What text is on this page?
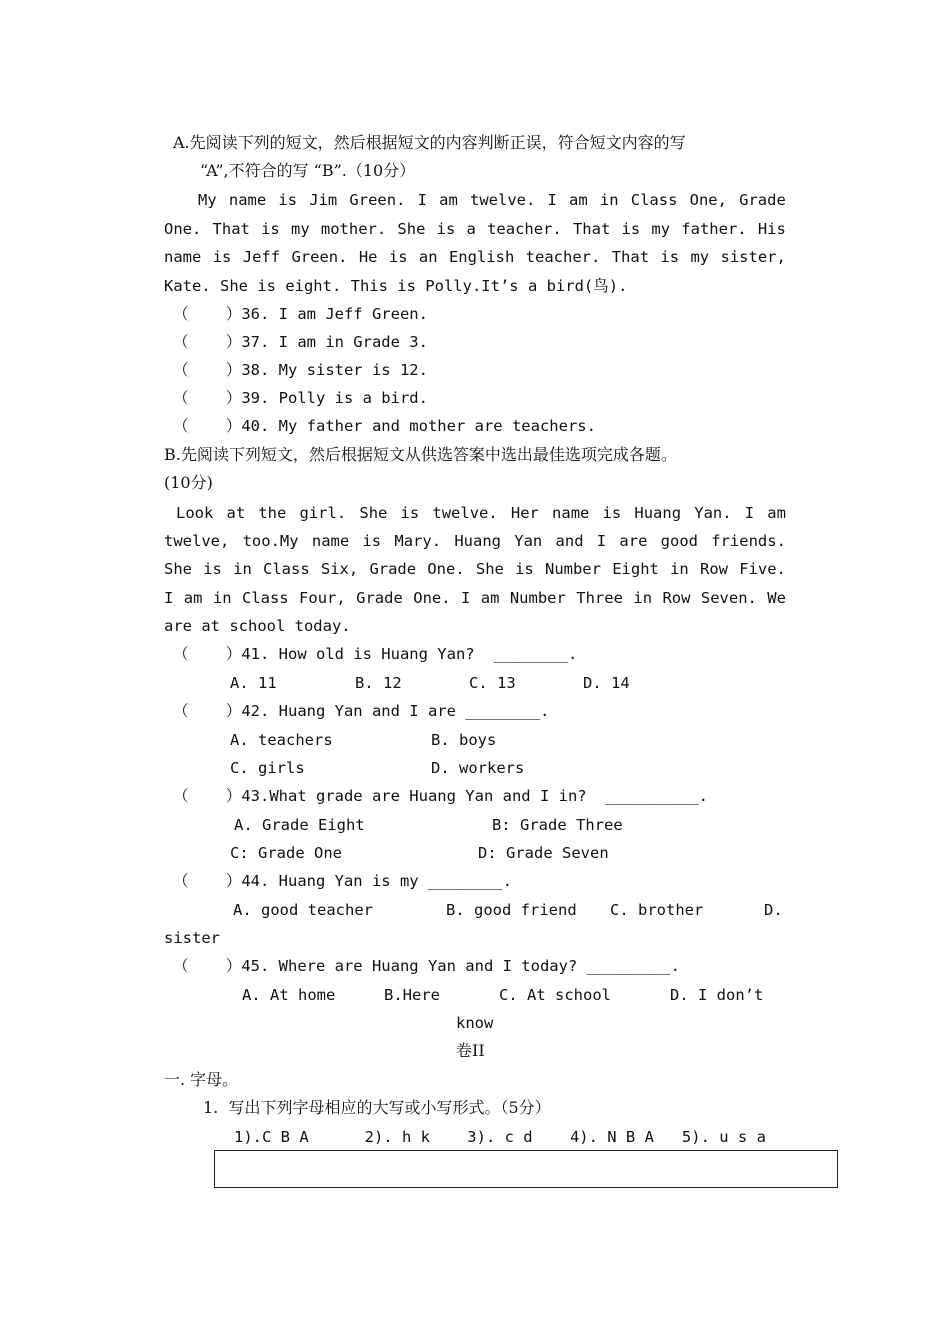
A.先阅读下列的短文，然后根据短文的内容判断正误，符合短文内容的写
“A”,不符合的写 “B”.（10分）
My name is Jim Green. I am twelve. I am in Class One, Grade
One. That is my mother. She is a teacher. That is my father. His
name is Jeff Green. He is an English teacher. That is my sister,
Kate. She is eight. This is Polly.It’s a bird(鸟).
（    ）36. I am Jeff Green.
（    ）37. I am in Grade 3.
（    ）38. My sister is 12.
（    ）39. Polly is a bird.
（    ）40. My father and mother are teachers.
B.先阅读下列短文，然后根据短文从供选答案中选出最佳选项完成各题。
(10分)
Look at the girl. She is twelve. Her name is Huang Yan. I am
twelve, too.My name is Mary. Huang Yan and I are good friends.
She is in Class Six, Grade One. She is Number Eight in Row Five.
I am in Class Four, Grade One. I am Number Three in Row Seven. We
are at school today.
（    ）41. How old is Huang Yan?  ________.
A. 11	B. 12	C. 13	D. 14
（    ）42. Huang Yan and I are ________.
A. teachers	B. boys
C. girls	D. workers
（    ）43.What grade are Huang Yan and I in?  __________.
A. Grade Eight	B: Grade Three
C: Grade One	D: Grade Seven
（    ）44. Huang Yan is my ________.
A. good teacher	B. good friend C. brother	D.
sister
（    ）45. Where are Huang Yan and I today? _________.
A. At home	B.Here	C. At school	D. I don’t
know
卷II
一. 字母。
1.  写出下列字母相应的大写或小写形式。（5分）
1).C B A      2). h k    3). c d    4). N B A   5). u s a
